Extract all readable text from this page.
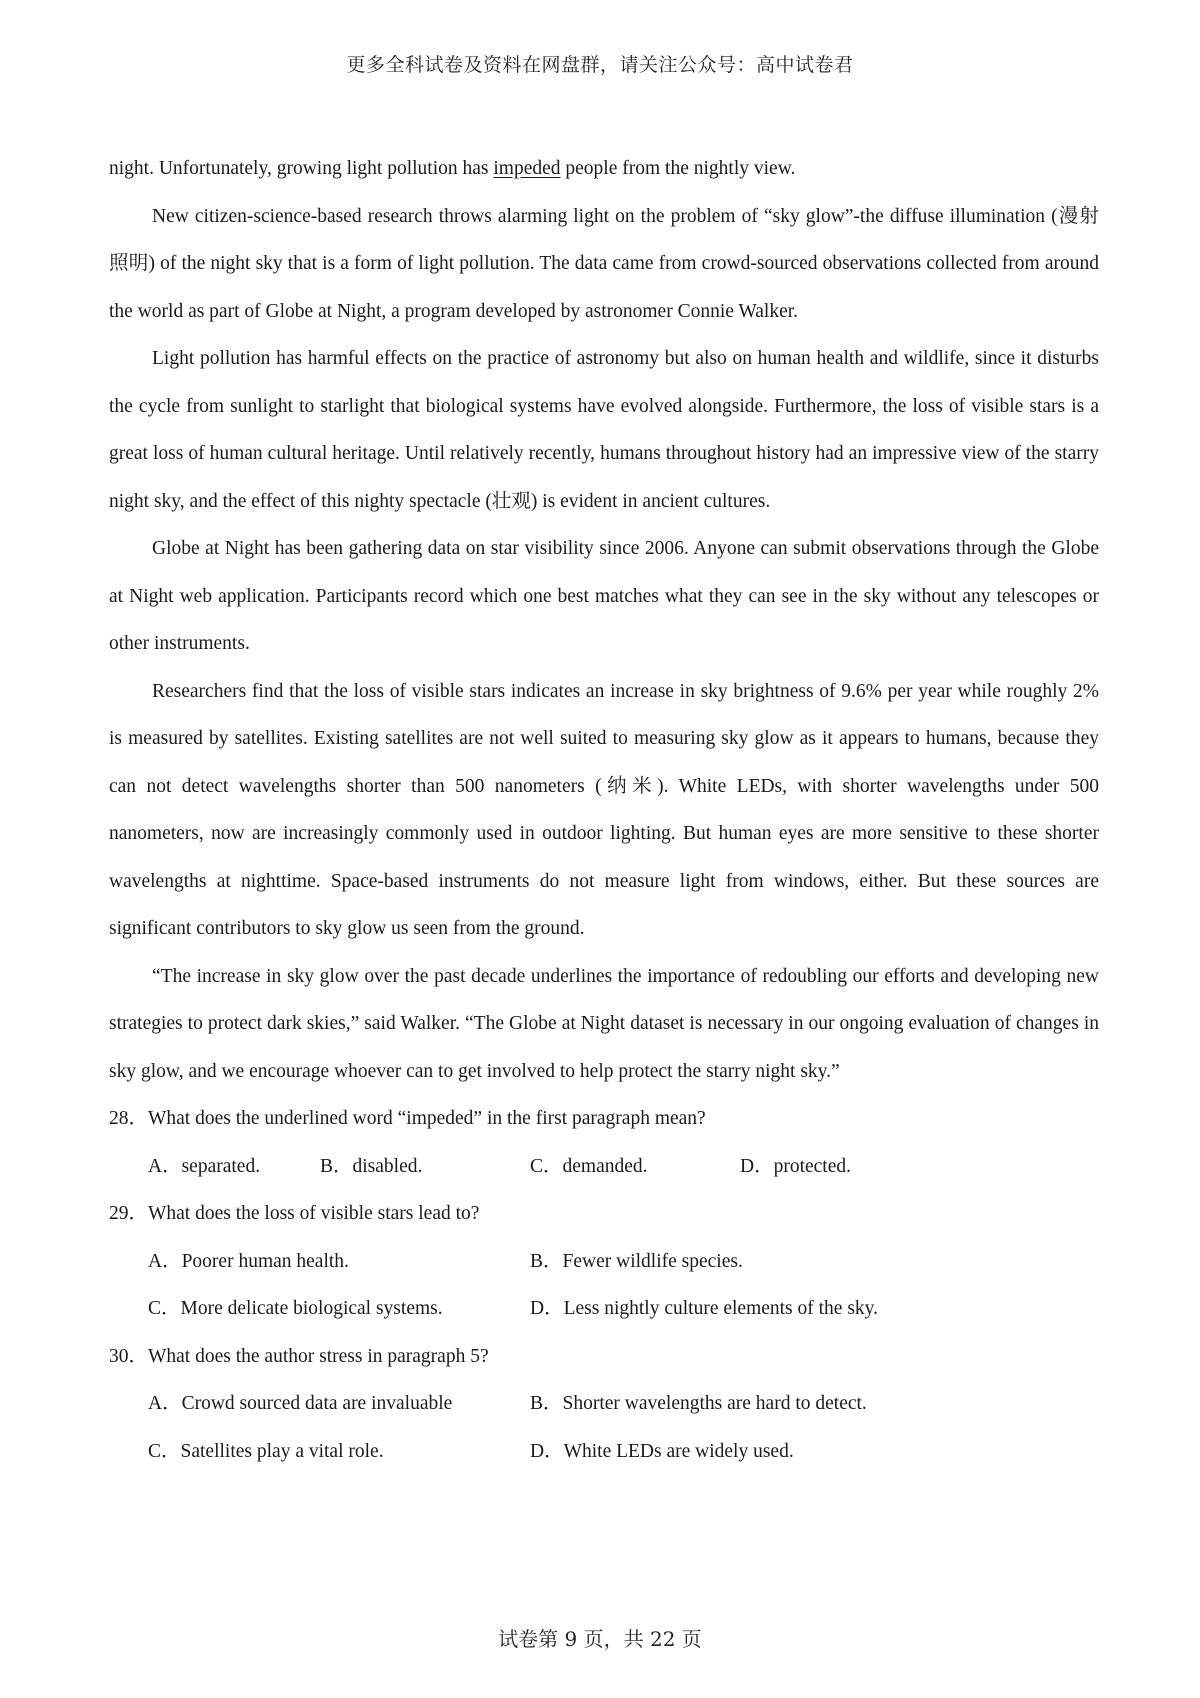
更多全科试卷及资料在网盘群，请关注公众号：高中试卷君

night. Unfortunately, growing light pollution has impeded people from the nightly view.

New citizen-science-based research throws alarming light on the problem of “sky glow”-the diffuse illumination (漫射照明) of the night sky that is a form of light pollution. The data came from crowd-sourced observations collected from around the world as part of Globe at Night, a program developed by astronomer Connie Walker.

Light pollution has harmful effects on the practice of astronomy but also on human health and wildlife, since it disturbs the cycle from sunlight to starlight that biological systems have evolved alongside. Furthermore, the loss of visible stars is a great loss of human cultural heritage. Until relatively recently, humans throughout history had an impressive view of the starry night sky, and the effect of this nighty spectacle (壮观) is evident in ancient cultures.

Globe at Night has been gathering data on star visibility since 2006. Anyone can submit observations through the Globe at Night web application. Participants record which one best matches what they can see in the sky without any telescopes or other instruments.

Researchers find that the loss of visible stars indicates an increase in sky brightness of 9.6% per year while roughly 2% is measured by satellites. Existing satellites are not well suited to measuring sky glow as it appears to humans, because they can not detect wavelengths shorter than 500 nanometers (纳米). White LEDs, with shorter wavelengths under 500 nanometers, now are increasingly commonly used in outdoor lighting. But human eyes are more sensitive to these shorter wavelengths at nighttime. Space-based instruments do not measure light from windows, either. But these sources are significant contributors to sky glow us seen from the ground.

“The increase in sky glow over the past decade underlines the importance of redoubling our efforts and developing new strategies to protect dark skies,” said Walker. “The Globe at Night dataset is necessary in our ongoing evaluation of changes in sky glow, and we encourage whoever can to get involved to help protect the starry night sky.”

28．What does the underlined word “impeded” in the first paragraph mean?

A．separated.	B．disabled.	C．demanded.	D．protected.

29．What does the loss of visible stars lead to?

A．Poorer human health.	B．Fewer wildlife species.
C．More delicate biological systems.	D．Less nightly culture elements of the sky.

30．What does the author stress in paragraph 5?

A．Crowd sourced data are invaluable	B．Shorter wavelengths are hard to detect.
C．Satellites play a vital role.	D．White LEDs are widely used.
试卷第 9 页，共 22 页
